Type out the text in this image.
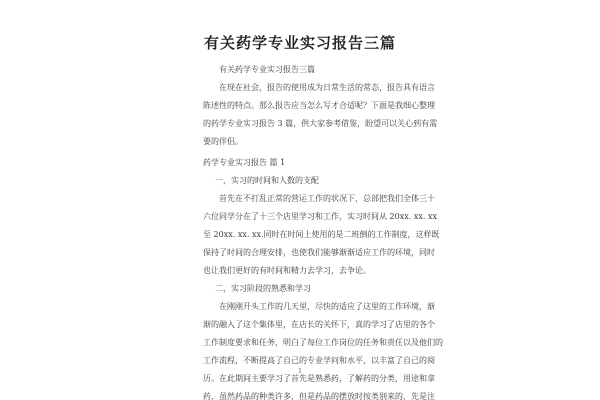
有关药学专业实习报告三篇
有关药学专业实习报告三篇
在现在社会，报告的使用成为日常生活的常态，报告具有语言
陈述性的特点。那么报告应当怎么写才合适呢？下面是我细心整理
的药学专业实习报告 3 篇，供大家参考借鉴，盼望可以关心到有需
要的伴侣。
药学专业实习报告 篇 1
一，实习的时间和人数的支配
首先在不打乱正常的营运工作的状况下，总部把我们全体三十
六位同学分在了十三个店里学习和工作，实习时间从 20xx. xx. xx
至 20xx. xx. xx.同时在时间上使用的是二班倒的工作制度，这样既
保持了时间的合理安排，也使我们能够渐渐适应工作的环境，同时
也让我们更好的有时间和精力去学习，去争论。
二，实习阶段的熟悉和学习
在刚刚开头工作的几天里，尽快的适应了这里的工作环境，渐
渐的融入了这个集体里，在店长的关怀下，真的学习了店里的各个
工作制度要求和任务，明白了每位工作岗位的任务和责任以及他们的
工作流程，不断提高了自己的专业学问和水平，以丰富了自己的阅
历。在此期间主要学习了首先是熟悉药，了解药的分类，用途和拿
药，虽然药品的种类许多，但是药品的摆放时按类别来的，先是注
1
